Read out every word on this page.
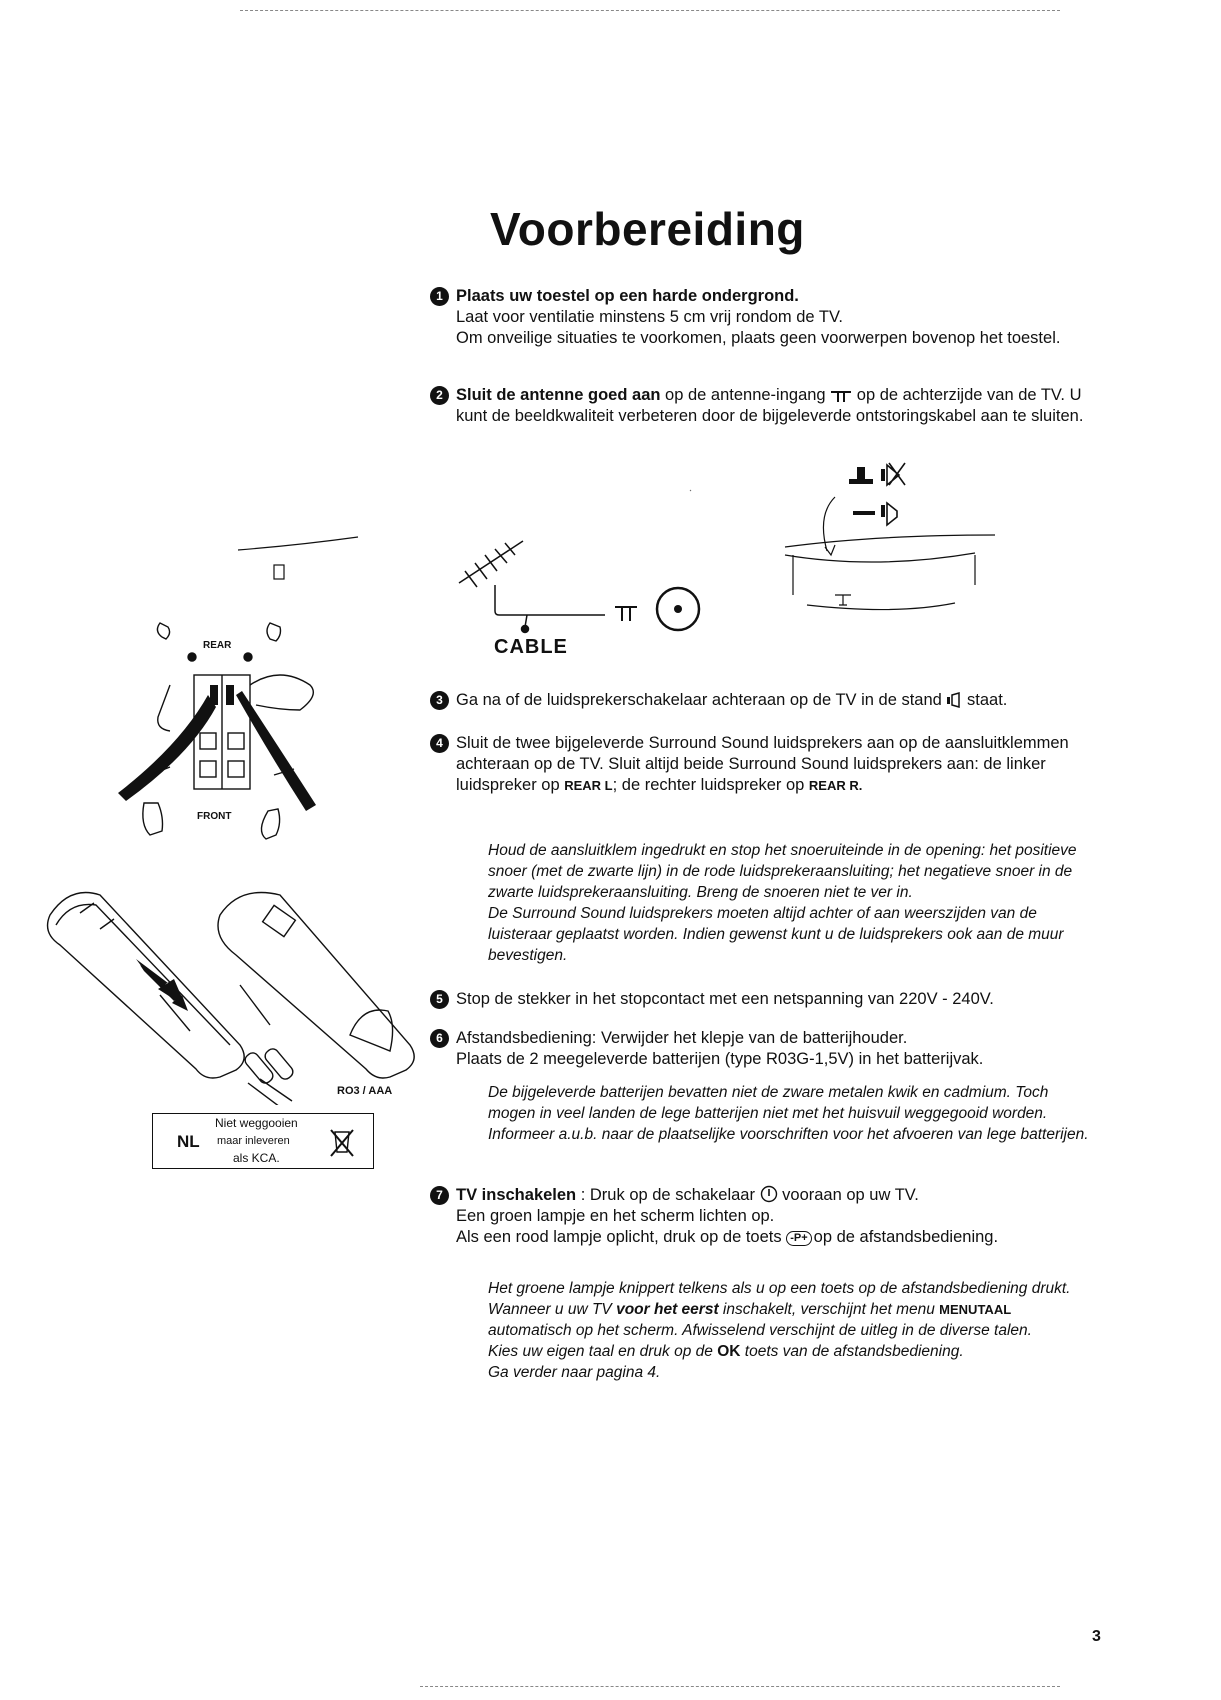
Voorbereiding
1 Plaats uw toestel op een harde ondergrond.

Laat voor ventilatie minstens 5 cm vrij rondom de TV.

Om onveilige situaties te voorkomen, plaats geen voorwerpen bovenop het toestel.

2 Sluit de antenne goed aan op de antenne-ingang  op de achterzijde van de TV. U kunt de beeldkwaliteit verbeteren door de bijgeleverde ontstoringskabel aan te sluiten.

CABLE
REAR
FRONT
3 Ga na of de luidsprekerschakelaar achteraan op de TV in de stand  staat.

4 Sluit de twee bijgeleverde Surround Sound luidsprekers aan op de aansluitklemmen achteraan op de TV. Sluit altijd beide Surround Sound luidsprekers aan: de linker luidspreker op REAR L; de rechter luidspreker op REAR R.

Houd de aansluitklem ingedrukt en stop het snoeruiteinde in de opening: het positieve snoer (met de zwarte lijn) in de rode luidsprekeraansluiting; het negatieve snoer in de zwarte luidsprekeraansluiting. Breng de snoeren niet te ver in.

De Surround Sound luidsprekers moeten altijd achter of aan weerszijden van de luisteraar geplaatst worden. Indien gewenst kunt u de luidsprekers ook aan de muur bevestigen.

5 Stop de stekker in het stopcontact met een netspanning van 220V - 240V.

RO3 / AAA
Niet weggooien
NL maar inleveren
als KCA.
6 Afstandsbediening: Verwijder het klepje van de batterijhouder.

Plaats de 2 meegeleverde batterijen (type R03G-1,5V) in het batterijvak.

De bijgeleverde batterijen bevatten niet de zware metalen kwik en cadmium. Toch mogen in veel landen de lege batterijen niet met het huisvuil weggegooid worden. Informeer a.u.b. naar de plaatselijke voorschriften voor het afvoeren van lege batterijen.

7 TV inschakelen : Druk op de schakelaar  vooraan op uw TV.

Een groen lampje en het scherm lichten op.

Als een rood lampje oplicht, druk op de toets -P+ op de afstandsbediening.

Het groene lampje knippert telkens als u op een toets op de afstandsbediening drukt.

Wanneer u uw TV voor het eerst inschakelt, verschijnt het menu MENUTAAL

automatisch op het scherm. Afwisselend verschijnt de uitleg in de diverse talen.

Kies uw eigen taal en druk op de OK toets van de afstandsbediening.

Ga verder naar pagina 4.

3
